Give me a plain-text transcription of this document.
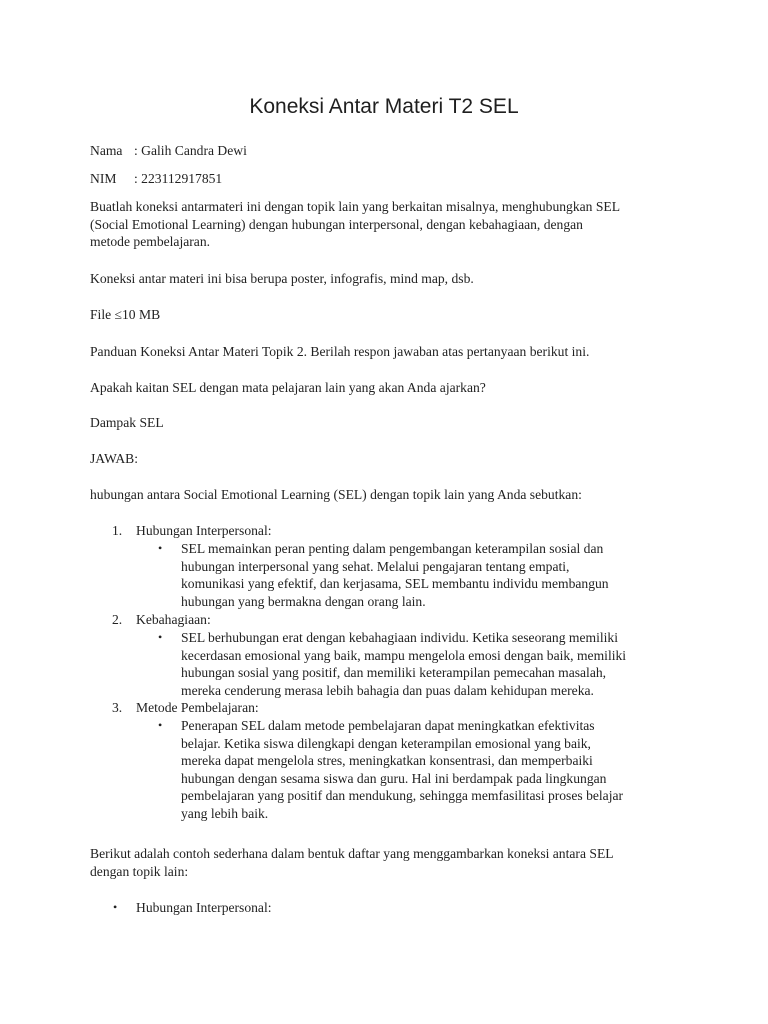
Koneksi Antar Materi T2 SEL
Nama : Galih Candra Dewi
NIM : 223112917851
Buatlah koneksi antarmateri ini dengan topik lain yang berkaitan misalnya, menghubungkan SEL
(Social Emotional Learning) dengan hubungan interpersonal, dengan kebahagiaan, dengan
metode pembelajaran.
Koneksi antar materi ini bisa berupa poster, infografis, mind map, dsb.
File ≤10 MB
Panduan Koneksi Antar Materi Topik 2. Berilah respon jawaban atas pertanyaan berikut ini.
Apakah kaitan SEL dengan mata pelajaran lain yang akan Anda ajarkan?
Dampak SEL
JAWAB:
hubungan antara Social Emotional Learning (SEL) dengan topik lain yang Anda sebutkan:
1. Hubungan Interpersonal:
• SEL memainkan peran penting dalam pengembangan keterampilan sosial dan
hubungan interpersonal yang sehat. Melalui pengajaran tentang empati,
komunikasi yang efektif, dan kerjasama, SEL membantu individu membangun
hubungan yang bermakna dengan orang lain.
2. Kebahagiaan:
• SEL berhubungan erat dengan kebahagiaan individu. Ketika seseorang memiliki
kecerdasan emosional yang baik, mampu mengelola emosi dengan baik, memiliki
hubungan sosial yang positif, dan memiliki keterampilan pemecahan masalah,
mereka cenderung merasa lebih bahagia dan puas dalam kehidupan mereka.
3. Metode Pembelajaran:
• Penerapan SEL dalam metode pembelajaran dapat meningkatkan efektivitas
belajar. Ketika siswa dilengkapi dengan keterampilan emosional yang baik,
mereka dapat mengelola stres, meningkatkan konsentrasi, dan memperbaiki
hubungan dengan sesama siswa dan guru. Hal ini berdampak pada lingkungan
pembelajaran yang positif dan mendukung, sehingga memfasilitasi proses belajar
yang lebih baik.
Berikut adalah contoh sederhana dalam bentuk daftar yang menggambarkan koneksi antara SEL
dengan topik lain:
• Hubungan Interpersonal:
